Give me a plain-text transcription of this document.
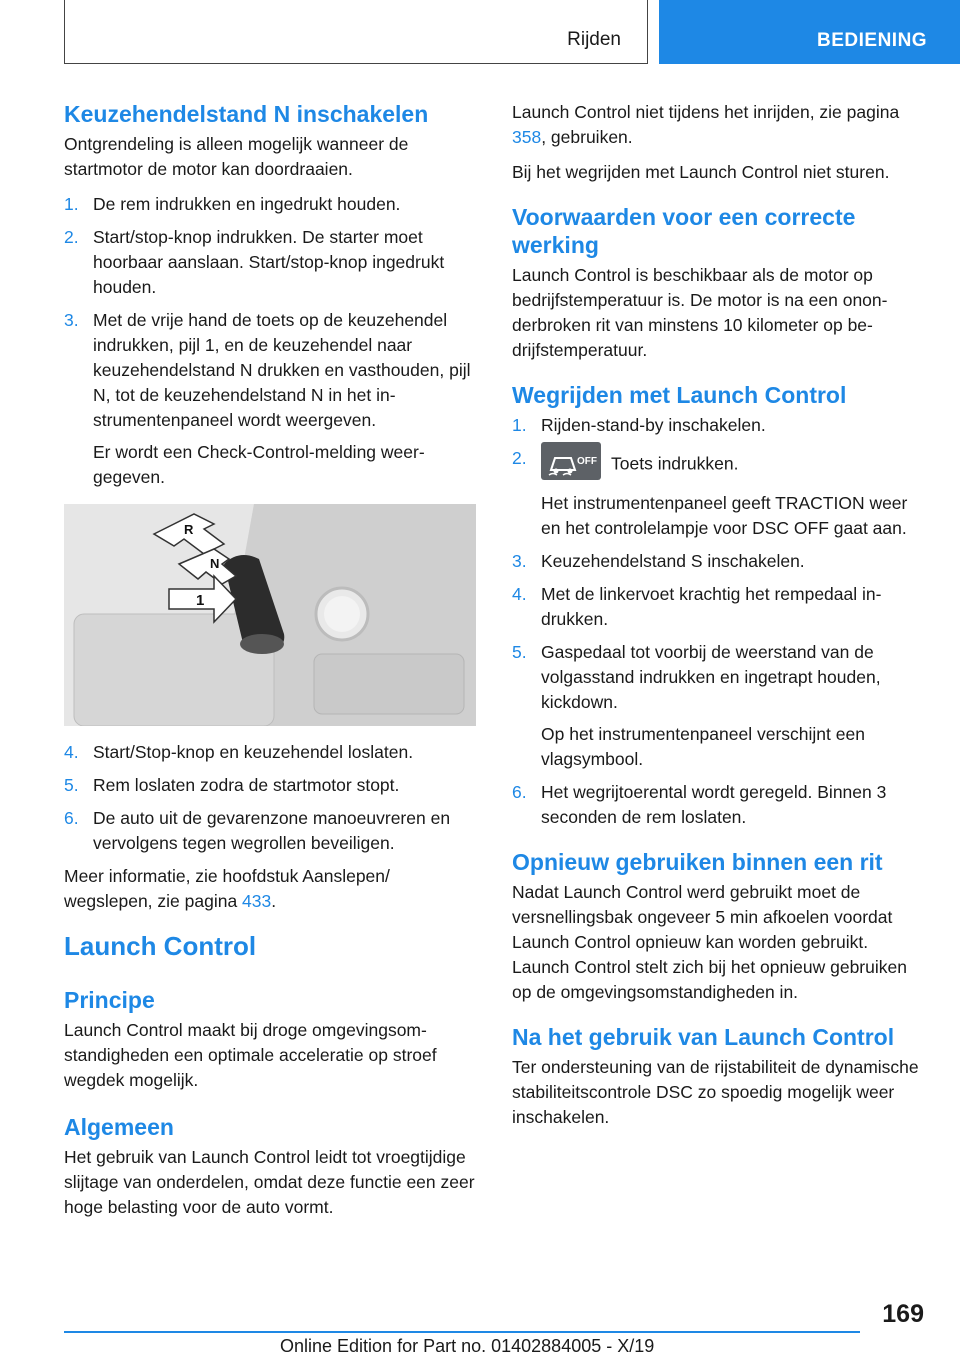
Rijden	BEDIENING
Keuzehendelstand N inschakelen

Ontgrendeling is alleen mogelijk wanneer de startmotor de motor kan doordraaien.

1. De rem indrukken en ingedrukt houden.
2. Start/stop-knop indrukken. De starter moet hoorbaar aanslaan. Start/stop-knop ingedrukt houden.
3. Met de vrije hand de toets op de keuzehendel indrukken, pijl 1, en de keuzehendel naar keuzehendelstand N drukken en vasthouden, pijl N, tot de keuzehendelstand N in het instrumentenpaneel wordt weergeven.
Er wordt een Check-Control-melding weergegeven.
R
N
1
4. Start/Stop-knop en keuzehendel loslaten.
5. Rem loslaten zodra de startmotor stopt.
6. De auto uit de gevarenzone manoeuvreren en vervolgens tegen wegrollen beveiligen.

Meer informatie, zie hoofdstuk Aanslepen/ wegslepen, zie pagina 433.

Launch Control
Principe

Launch Control maakt bij droge omgevingsomstandigheden een optimale acceleratie op stroef wegdek mogelijk.

Algemeen

Het gebruik van Launch Control leidt tot vroegtijdige slijtage van onderdelen, omdat deze functie een zeer hoge belasting voor de auto vormt.

Launch Control niet tijdens het inrijden, zie pagina 358, gebruiken.

Bij het wegrijden met Launch Control niet sturen.

Voorwaarden voor een correcte werking

Launch Control is beschikbaar als de motor op bedrijfstemperatuur is. De motor is na een ononderbroken rit van minstens 10 kilometer op bedrijfstemperatuur.

Wegrijden met Launch Control
1. Rijden-stand-by inschakelen.
2.	OFF Toets indrukken.
Het instrumentenpaneel geeft TRACTION weer en het controlelampje voor DSC OFF gaat aan.
3. Keuzehendelstand S inschakelen.
4. Met de linkervoet krachtig het rempedaal indrukken.
5. Gaspedaal tot voorbij de weerstand van de volgasstand indrukken en ingetrapt houden, kickdown.
Op het instrumentenpaneel verschijnt een vlagsymbool.
6. Het wegrijtoerental wordt geregeld. Binnen 3 seconden de rem loslaten.
Opnieuw gebruiken binnen een rit

Nadat Launch Control werd gebruikt moet de versnellingsbak ongeveer 5 min afkoelen voordat Launch Control opnieuw kan worden gebruikt. Launch Control stelt zich bij het opnieuw gebruiken op de omgevingsomstandigheden in.

Na het gebruik van Launch Control

Ter ondersteuning van de rijstabiliteit de dynamische stabiliteitscontrole DSC zo spoedig mogelijk weer inschakelen.

169
Online Edition for Part no. 01402884005 - X/19
